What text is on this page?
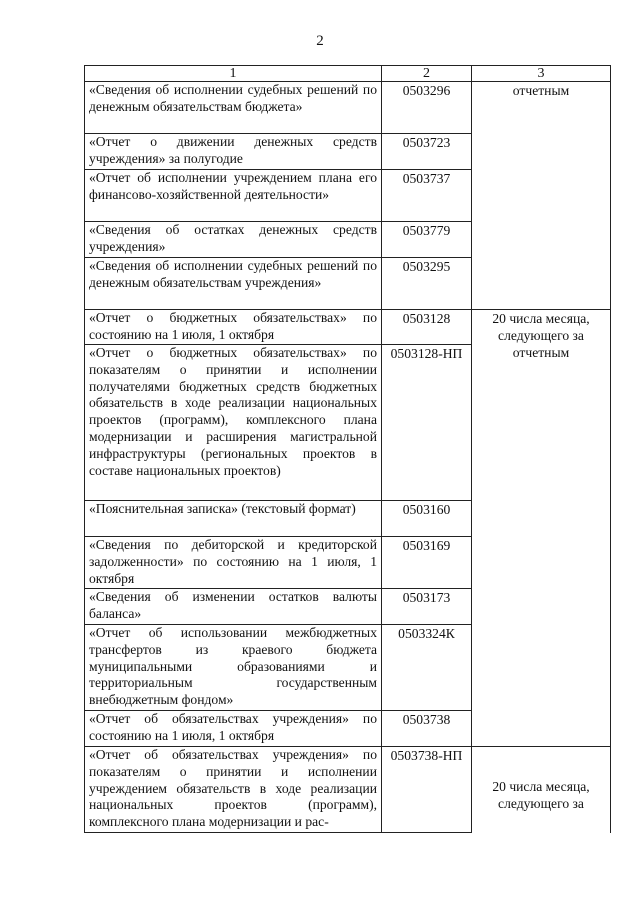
2
1	2	3

«Сведения об исполнении судебных решений по денежным обязательствам бюджета»	0503296	отчетным

«Отчет о движении денежных средств учреждения» за полугодие	0503723	

«Отчет об исполнении учреждением плана его финансово-хозяйственной деятельности»	0503737	

«Сведения об остатках денежных средств учреждения»	0503779	

«Сведения об исполнении судебных решений по денежным обязательствам учреждения»	0503295	

«Отчет о бюджетных обязательствах» по состоянию на 1 июля, 1 октября	0503128	20 числа месяца, следующего за отчетным

«Отчет о бюджетных обязательствах» по показателям о принятии и исполнении получателями бюджетных средств бюджетных обязательств в ходе реализации национальных проектов (программ), комплексного плана модернизации и расширения магистральной инфраструктуры (региональных проектов в составе национальных проектов)	0503128-НП	

«Пояснительная записка» (текстовый формат)	0503160	

«Сведения по дебиторской и кредиторской задолженности» по состоянию на 1 июля, 1 октября	0503169	

«Сведения об изменении остатков валюты баланса»	0503173	

«Отчет об использовании межбюджетных трансфертов из краевого бюджета муниципальными образованиями и территориальным государственным внебюджетным фондом»	0503324К	

«Отчет об обязательствах учреждения» по состоянию на 1 июля, 1 октября	0503738	

«Отчет об обязательствах учреждения» по показателям о принятии и исполнении учреждением обязательств в ходе реализации национальных проектов (программ), комплексного плана модернизации и рас-	0503738-НП	20 числа месяца, следующего за
